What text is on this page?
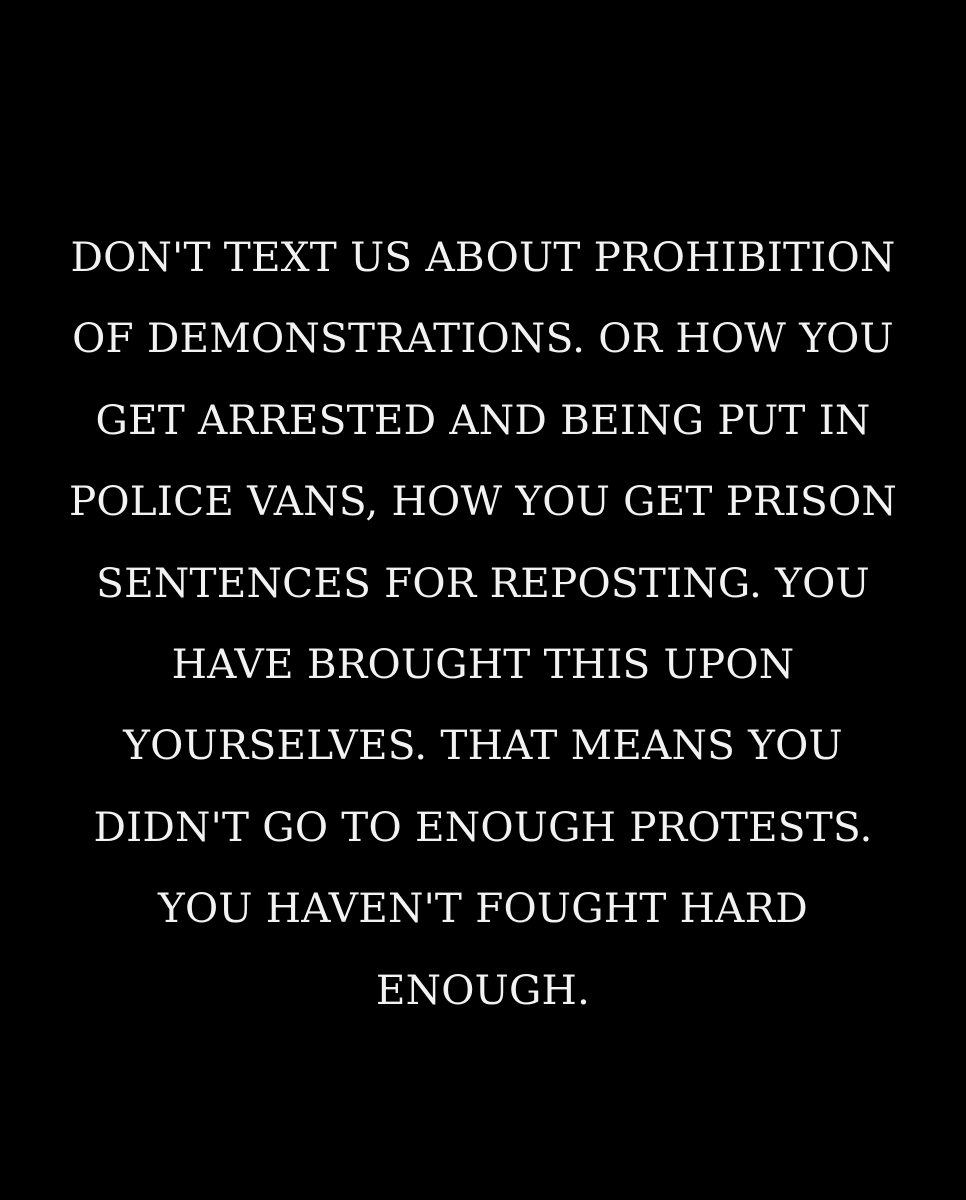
DON'T TEXT US ABOUT PROHIBITION
OF DEMONSTRATIONS. OR HOW YOU
GET ARRESTED AND BEING PUT IN
POLICE VANS, HOW YOU GET PRISON
SENTENCES FOR REPOSTING. YOU
HAVE BROUGHT THIS UPON
YOURSELVES. THAT MEANS YOU
DIDN'T GO TO ENOUGH PROTESTS.
YOU HAVEN'T FOUGHT HARD
ENOUGH.
